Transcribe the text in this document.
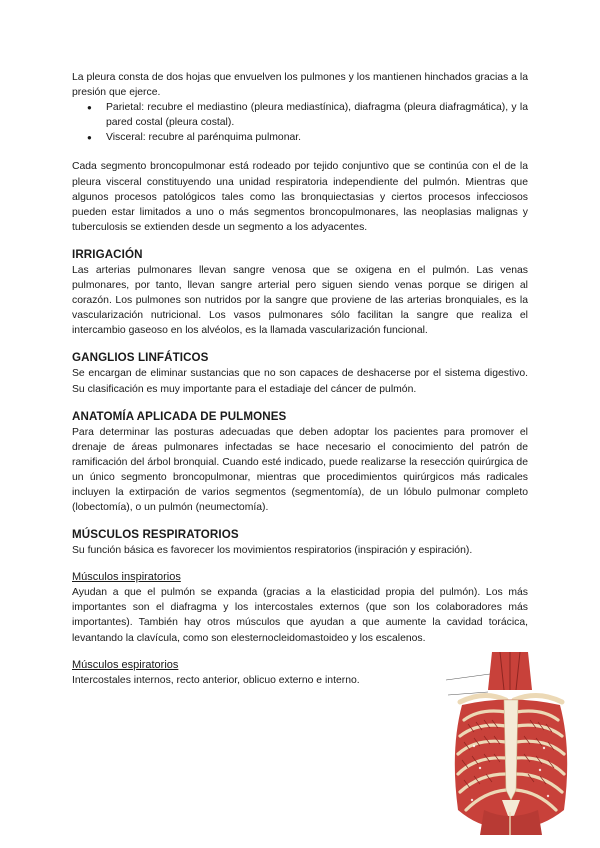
La pleura consta de dos hojas que envuelven los pulmones y los mantienen hinchados gracias a la presión que ejerce.

● Parietal: recubre el mediastino (pleura mediastínica), diafragma (pleura diafragmática), y la pared costal (pleura costal).
● Visceral: recubre al parénquima pulmonar.

Cada segmento broncopulmonar está rodeado por tejido conjuntivo que se continúa con el de la pleura visceral constituyendo una unidad respiratoria independiente del pulmón. Mientras que algunos procesos patológicos tales como las bronquiectasias y ciertos procesos infecciosos pueden estar limitados a uno o más segmentos broncopulmonares, las neoplasias malignas y tuberculosis se extienden desde un segmento a los adyacentes.

IRRIGACIÓN

Las arterias pulmonares llevan sangre venosa que se oxigena en el pulmón. Las venas pulmonares, por tanto, llevan sangre arterial pero siguen siendo venas porque se dirigen al corazón. Los pulmones son nutridos por la sangre que proviene de las arterias bronquiales, es la vascularización nutricional. Los vasos pulmonares sólo facilitan la sangre que realiza el intercambio gaseoso en los alvéolos, es la llamada vascularización funcional.

GANGLIOS LINFÁTICOS

Se encargan de eliminar sustancias que no son capaces de deshacerse por el sistema digestivo. Su clasificación es muy importante para el estadiaje del cáncer de pulmón.

ANATOMÍA APLICADA DE PULMONES

Para determinar las posturas adecuadas que deben adoptar los pacientes para promover el drenaje de áreas pulmonares infectadas se hace necesario el conocimiento del patrón de ramificación del árbol bronquial. Cuando esté indicado, puede realizarse la resección quirúrgica de un único segmento broncopulmonar, mientras que procedimientos quirúrgicos más radicales incluyen la extirpación de varios segmentos (segmentomía), de un lóbulo pulmonar completo (lobectomía), o un pulmón (neumectomía).

MÚSCULOS RESPIRATORIOS

Su función básica es favorecer los movimientos respiratorios (inspiración y espiración).

Músculos inspiratorios

Ayudan a que el pulmón se expanda (gracias a la elasticidad propia del pulmón). Los más importantes son el diafragma y los intercostales externos (que son los colaboradores más importantes). También hay otros músculos que ayudan a que aumente la cavidad torácica, levantando la clavícula, como son elesternocleidomastoideo y los escalenos.

Músculos espiratorios

Intercostales internos, recto anterior, oblicuo externo e interno.
